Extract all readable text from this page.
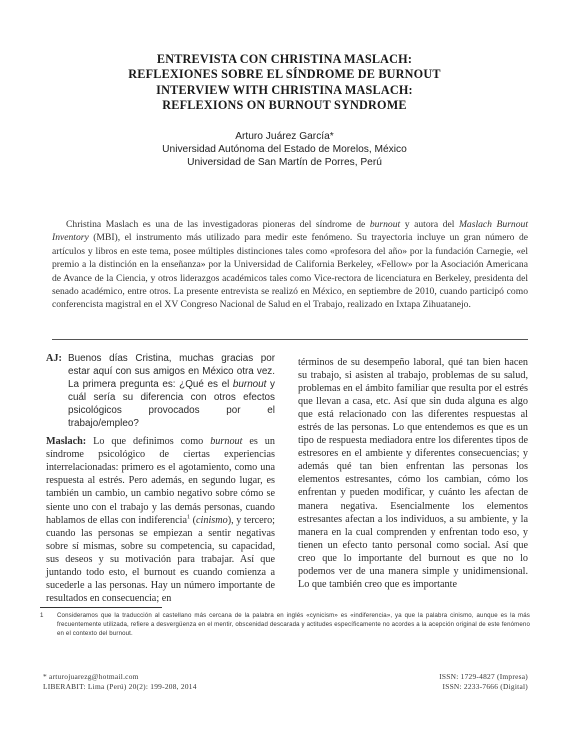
ENTREVISTA CON CHRISTINA MASLACH:
REFLEXIONES SOBRE EL SÍNDROME DE BURNOUT
INTERVIEW WITH CHRISTINA MASLACH:
REFLEXIONS ON BURNOUT SYNDROME
Arturo Juárez García*
Universidad Autónoma del Estado de Morelos, México
Universidad de San Martín de Porres, Perú
Christina Maslach es una de las investigadoras pioneras del síndrome de burnout y autora del Maslach Burnout Inventory (MBI), el instrumento más utilizado para medir este fenómeno. Su trayectoria incluye un gran número de artículos y libros en este tema, posee múltiples distinciones tales como «profesora del año» por la fundación Carnegie, «el premio a la distinción en la enseñanza» por la Universidad de California Berkeley, «Fellow» por la Asociación Americana de Avance de la Ciencia, y otros liderazgos académicos tales como Vice-rectora de licenciatura en Berkeley, presidenta del senado académico, entre otros. La presente entrevista se realizó en México, en septiembre de 2010, cuando participó como conferencista magistral en el XV Congreso Nacional de Salud en el Trabajo, realizado en Ixtapa Zihuatanejo.
AJ: Buenos días Cristina, muchas gracias por estar aquí con sus amigos en México otra vez. La primera pregunta es: ¿Qué es el burnout y cuál sería su diferencia con otros efectos psicológicos provocados por el trabajo/empleo?

Maslach: Lo que definimos como burnout es un síndrome psicológico de ciertas experiencias interrelacionadas: primero es el agotamiento, como una respuesta al estrés. Pero además, en segundo lugar, es también un cambio, un cambio negativo sobre cómo se siente uno con el trabajo y las demás personas, cuando hablamos de ellas con indiferencia$^1$ (cinismo), y tercero; cuando las personas se empiezan a sentir negativas sobre sí mismas, sobre su competencia, su capacidad, sus deseos y su motivación para trabajar. Así que juntando todo esto, el burnout es cuando comienza a sucederle a las personas. Hay un número importante de resultados en consecuencia; en

términos de su desempeño laboral, qué tan bien hacen su trabajo, si asisten al trabajo, problemas de su salud, problemas en el ámbito familiar que resulta por el estrés que llevan a casa, etc. Así que sin duda alguna es algo que está relacionado con las diferentes respuestas al estrés de las personas. Lo que entendemos es que es un tipo de respuesta mediadora entre los diferentes tipos de estresores en el ambiente y diferentes consecuencias; y además qué tan bien enfrentan las personas los elementos estresantes, cómo los cambian, cómo los enfrentan y pueden modificar, y cuánto les afectan de manera negativa. Esencialmente los elementos estresantes afectan a los individuos, a su ambiente, y la manera en la cual comprenden y enfrentan todo eso, y tienen un efecto tanto personal como social. Así que creo que lo importante del burnout es que no lo podemos ver de una manera simple y unidimensional. Lo que también creo que es importante

1	Consideramos que la traducción al castellano más cercana de la palabra en inglés «cynicism» es «indiferencia», ya que la palabra cinismo, aunque es la más frecuentemente utilizada, refiere a desvergüenza en el mentir, obscenidad descarada y actitudes específicamente no acordes a la acepción original de este fenómeno en el contexto del burnout.
* arturojuarezg@hotmail.com
LIBERABIT: Lima (Perú) 20(2): 199-208, 2014
ISSN: 1729-4827 (Impresa)
ISSN: 2233-7666 (Digital)
